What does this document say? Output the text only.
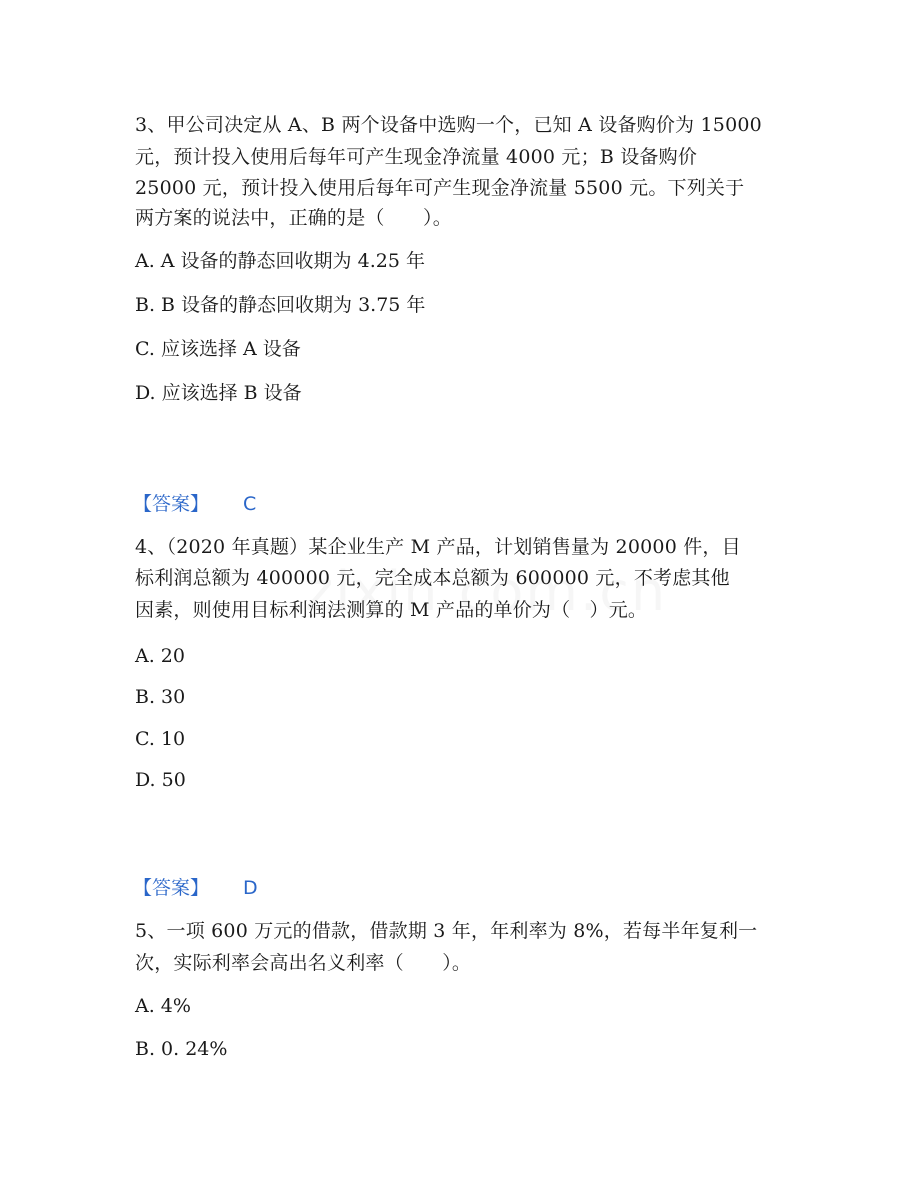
3、甲公司决定从 A、B 两个设备中选购一个，已知 A 设备购价为 15000
元，预计投入使用后每年可产生现金净流量 4000 元；B 设备购价
25000 元，预计投入使用后每年可产生现金净流量 5500 元。下列关于
两方案的说法中，正确的是（　　）。
A. A 设备的静态回收期为 4.25 年
B. B 设备的静态回收期为 3.75 年
C. 应该选择 A 设备
D. 应该选择 B 设备
【答案】 C
4、（2020 年真题）某企业生产 M 产品，计划销售量为 20000 件，目
标利润总额为 400000 元，完全成本总额为 600000 元，不考虑其他
因素，则使用目标利润法测算的 M 产品的单价为（　）元。
A. 20
B. 30
C. 10
D. 50
【答案】 D
5、一项 600 万元的借款，借款期 3 年，年利率为 8%，若每半年复利一
次，实际利率会高出名义利率（　　）。
A. 4%
B. 0. 24%
